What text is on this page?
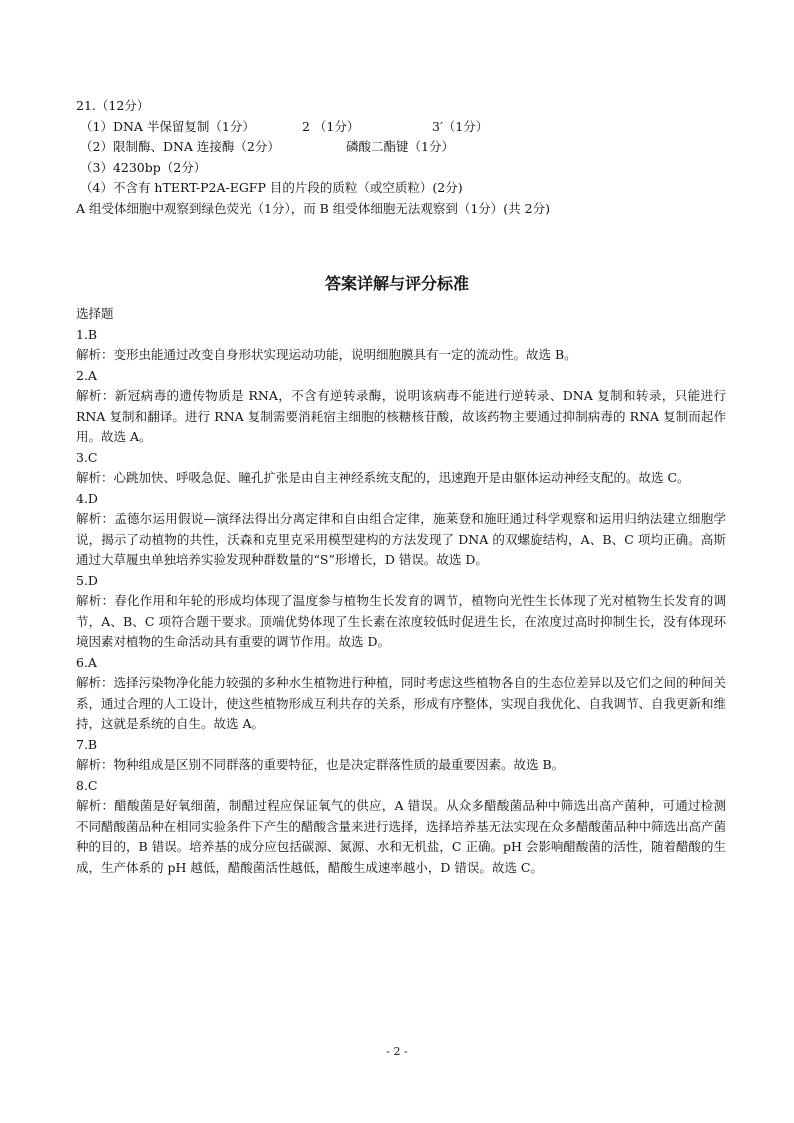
21.（12分）
（1）DNA 半保留复制（1分）	2 （1分）	3′（1分）
（2）限制酶、DNA 连接酶（2分）	磷酸二酯键（1分）
（3）4230bp（2分）
（4）不含有 hTERT-P2A-EGFP 目的片段的质粒（或空质粒）(2分)
A 组受体细胞中观察到绿色荧光（1分），而 B 组受体细胞无法观察到（1分）(共 2分)
答案详解与评分标准
选择题
1.B
解析：变形虫能通过改变自身形状实现运动功能，说明细胞膜具有一定的流动性。故选 B。
2.A
解析：新冠病毒的遗传物质是 RNA，不含有逆转录酶，说明该病毒不能进行逆转录、DNA 复制和转录，只能进行 RNA 复制和翻译。进行 RNA 复制需要消耗宿主细胞的核糖核苷酸，故该药物主要通过抑制病毒的 RNA 复制而起作用。故选 A。
3.C
解析：心跳加快、呼吸急促、瞳孔扩张是由自主神经系统支配的，迅速跑开是由躯体运动神经支配的。故选 C。
4.D
解析：孟德尔运用假说—演绎法得出分离定律和自由组合定律，施莱登和施旺通过科学观察和运用归纳法建立细胞学说，揭示了动植物的共性，沃森和克里克采用模型建构的方法发现了 DNA 的双螺旋结构，A、B、C 项均正确。高斯通过大草履虫单独培养实验发现种群数量的“S”形增长，D 错误。故选 D。
5.D
解析：春化作用和年轮的形成均体现了温度参与植物生长发育的调节，植物向光性生长体现了光对植物生长发育的调节，A、B、C 项符合题干要求。顶端优势体现了生长素在浓度较低时促进生长，在浓度过高时抑制生长，没有体现环境因素对植物的生命活动具有重要的调节作用。故选 D。
6.A
解析：选择污染物净化能力较强的多种水生植物进行种植，同时考虑这些植物各自的生态位差异以及它们之间的种间关系，通过合理的人工设计，使这些植物形成互利共存的关系，形成有序整体，实现自我优化、自我调节、自我更新和维持，这就是系统的自生。故选 A。
7.B
解析：物种组成是区别不同群落的重要特征，也是决定群落性质的最重要因素。故选 B。
8.C
解析：醋酸菌是好氧细菌，制醋过程应保证氧气的供应，A 错误。从众多醋酸菌品种中筛选出高产菌种，可通过检测不同醋酸菌品种在相同实验条件下产生的醋酸含量来进行选择，选择培养基无法实现在众多醋酸菌品种中筛选出高产菌种的目的，B 错误。培养基的成分应包括碳源、氮源、水和无机盐，C 正确。pH 会影响醋酸菌的活性，随着醋酸的生成，生产体系的 pH 越低，醋酸菌活性越低，醋酸生成速率越小，D 错误。故选 C。
- 2 -
